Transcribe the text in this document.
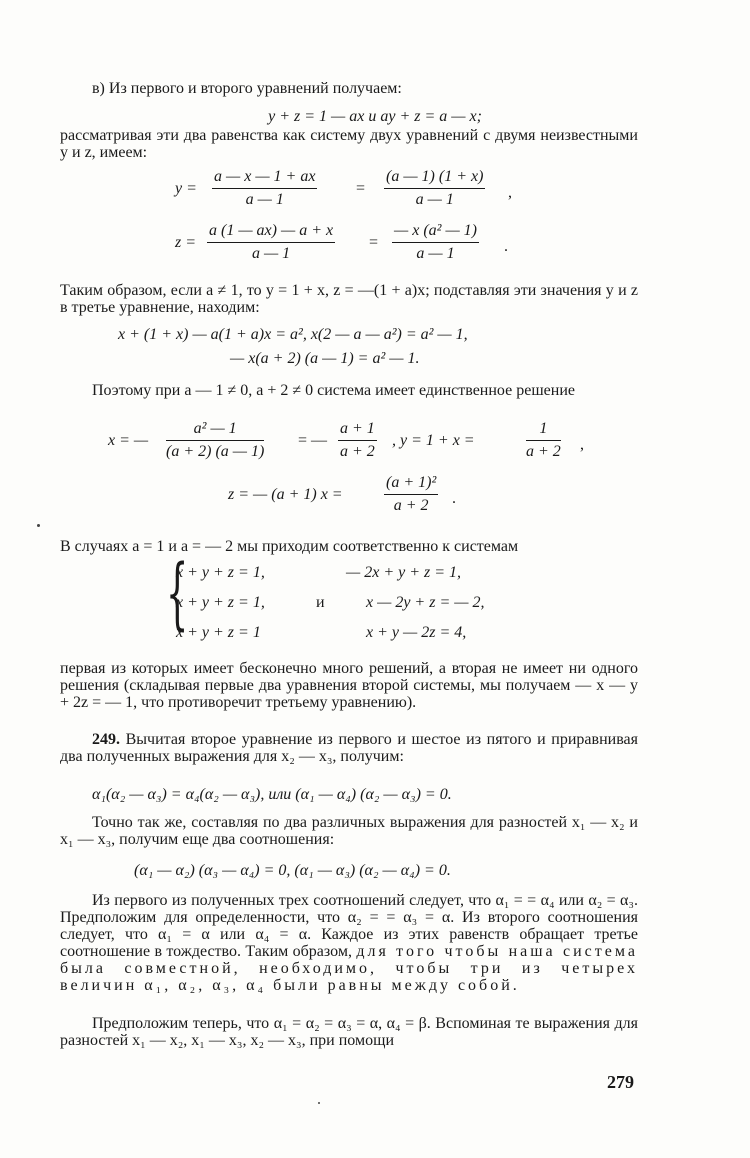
в) Из первого и второго уравнений получаем:
y + z = 1 — ax и ay + z = a — x;
рассматривая эти два равенства как систему двух уравнений с двумя неизвестными y и z, имеем:
$y = \frac{a — x — 1 + ax}{a — 1} = \frac{(a — 1) (1 + x)}{a — 1}$ ,
$z = \frac{a (1 — ax) — a + x}{a — 1} = \frac{\text{— x (a² — 1)}}{a — 1}$ .
Таким образом, если a ≠ 1, то y = 1 + x, z = —(1 + a)x; подставляя эти значения y и z в третье уравнение, находим:
x + (1 + x) — a(1 + a)x = a², x(2 — a — a²) = a² — 1,
— x(a + 2) (a — 1) = a² — 1.
Поэтому при a — 1 ≠ 0, a + 2 ≠ 0 система имеет единственное решение
x = — $\frac{\text{a² — 1}}{(a + 2) (a — 1)}$ = — $\frac{a + 1}{a + 2}$ , y = 1 + x =	$\frac{1}{a + 2}$ ,
z = — (a + 1) x =	$\frac{\text{(a + 1)²}}{a + 2}$ .
В случаях a = 1 и a = — 2 мы приходим соответственно к системам
{
x + y + z = 1,
x + y + z = 1,
x + y + z = 1
и
— 2x + y + z = 1,
x — 2y + z = — 2,
x + y — 2z = 4,
первая из которых имеет бесконечно много решений, а вторая не имеет ни одного решения (складывая первые два уравнения второй системы, мы получаем — x — y + 2z = — 1, что противоречит третьему уравнению).
249. Вычитая второе уравнение из первого и шестое из пятого и приравнивая два полученных выражения для x₂ — x₃, получим:
α₁(α₂ — α₃) = α₄(α₂ — α₃), или (α₁ — α₄) (α₂ — α₃) = 0.
Точно так же, составляя по два различных выражения для разностей x₁ — x₂ и x₁ — x₃, получим еще два соотношения:
(α₁ — α₂) (α₃ — α₄) = 0, (α₁ — α₃) (α₂ — α₄) = 0.
Из первого из полученных трех соотношений следует, что α₁ = = α₄ или α₂ = α₃. Предположим для определенности, что α₂ = = α₃ = α. Из второго соотношения следует, что α₁ = α или α₄ = α. Каждое из этих равенств обращает третье соотношение в тождество. Таким образом, для того чтобы наша система была совместной, необходимо, чтобы три из четырех величин α₁, α₂, α₃, α₄ были равны между собой.
Предположим теперь, что α₁ = α₂ = α₃ = α, α₄ = β. Вспоминая те выражения для разностей x₁ — x₂, x₁ — x₃, x₂ — x₃, при помощи
279
